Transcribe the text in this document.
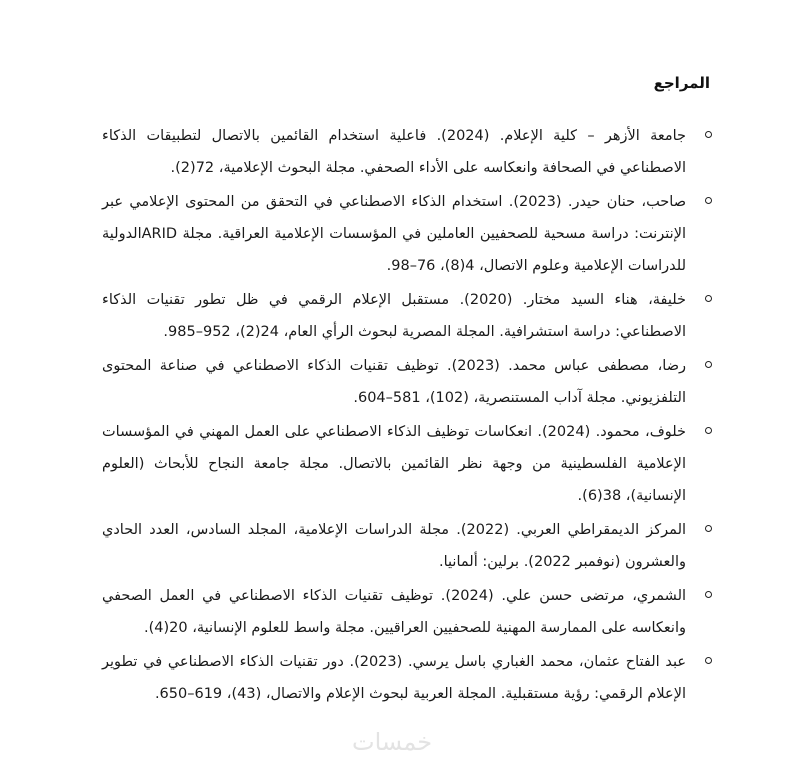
المراجع
جامعة الأزهر – كلية الإعلام. (2024). فاعلية استخدام القائمين بالاتصال لتطبيقات الذكاء الاصطناعي في الصحافة وانعكاسه على الأداء الصحفي. مجلة البحوث الإعلامية، 72(2).
صاحب، حنان حيدر. (2023). استخدام الذكاء الاصطناعي في التحقق من المحتوى الإعلامي عبر الإنترنت: دراسة مسحية للصحفيين العاملين في المؤسسات الإعلامية العراقية. مجلة ARIDالدولية للدراسات الإعلامية وعلوم الاتصال، 4(8)، 76–98.
خليفة، هناء السيد مختار. (2020). مستقبل الإعلام الرقمي في ظل تطور تقنيات الذكاء الاصطناعي: دراسة استشرافية. المجلة المصرية لبحوث الرأي العام، 24(2)، 952–985.
رضا، مصطفى عباس محمد. (2023). توظيف تقنيات الذكاء الاصطناعي في صناعة المحتوى التلفزيوني. مجلة آداب المستنصرية، (102)، 581–604.
خلوف، محمود. (2024). انعكاسات توظيف الذكاء الاصطناعي على العمل المهني في المؤسسات الإعلامية الفلسطينية من وجهة نظر القائمين بالاتصال. مجلة جامعة النجاح للأبحاث (العلوم الإنسانية)، 38(6).
المركز الديمقراطي العربي. (2022). مجلة الدراسات الإعلامية، المجلد السادس، العدد الحادي والعشرون (نوفمبر 2022). برلين: ألمانيا.
الشمري، مرتضى حسن علي. (2024). توظيف تقنيات الذكاء الاصطناعي في العمل الصحفي وانعكاسه على الممارسة المهنية للصحفيين العراقيين. مجلة واسط للعلوم الإنسانية، 20(4).
عبد الفتاح عثمان، محمد الغباري باسل يرسي. (2023). دور تقنيات الذكاء الاصطناعي في تطوير الإعلام الرقمي: رؤية مستقبلية. المجلة العربية لبحوث الإعلام والاتصال، (43)، 619–650.
خمسات
